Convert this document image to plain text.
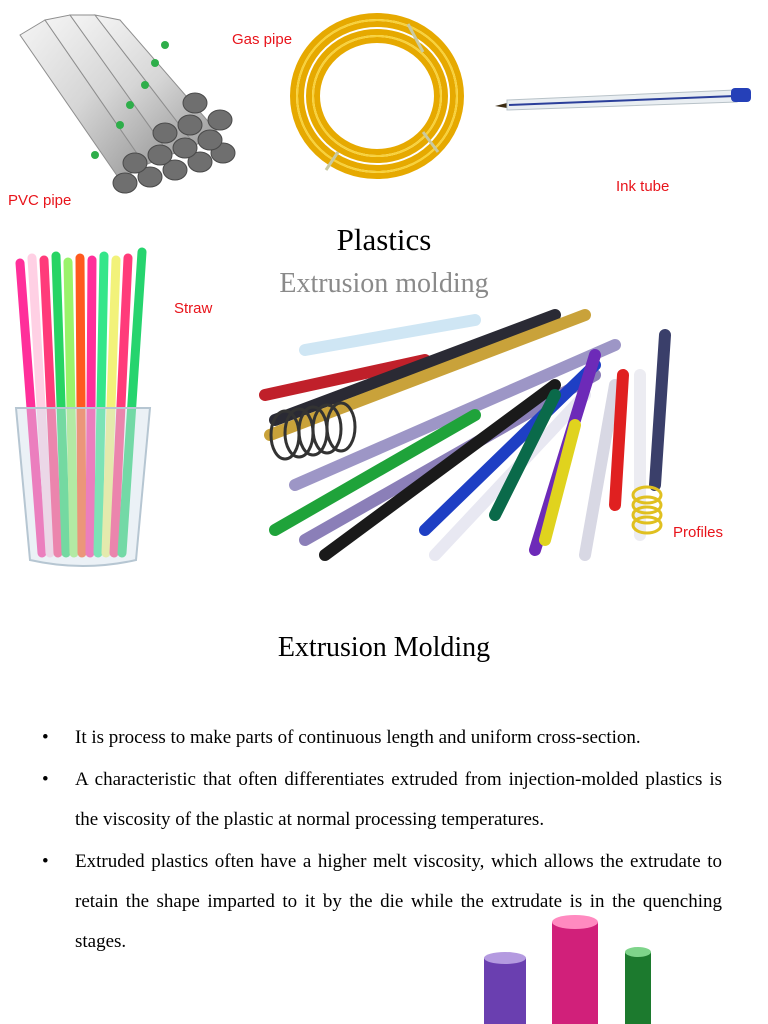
PVC pipe
Gas pipe
Ink tube
Plastics
Extrusion molding
Straw
Profiles
Extrusion Molding
• It is process to make parts of continuous length and uniform cross-section.
• A characteristic that often differentiates extruded from injection-molded plastics is the viscosity of the plastic at normal processing temperatures.
• Extruded plastics often have a higher melt viscosity, which allows the extrudate to retain the shape imparted to it by the die while the extrudate is in the quenching stages.
